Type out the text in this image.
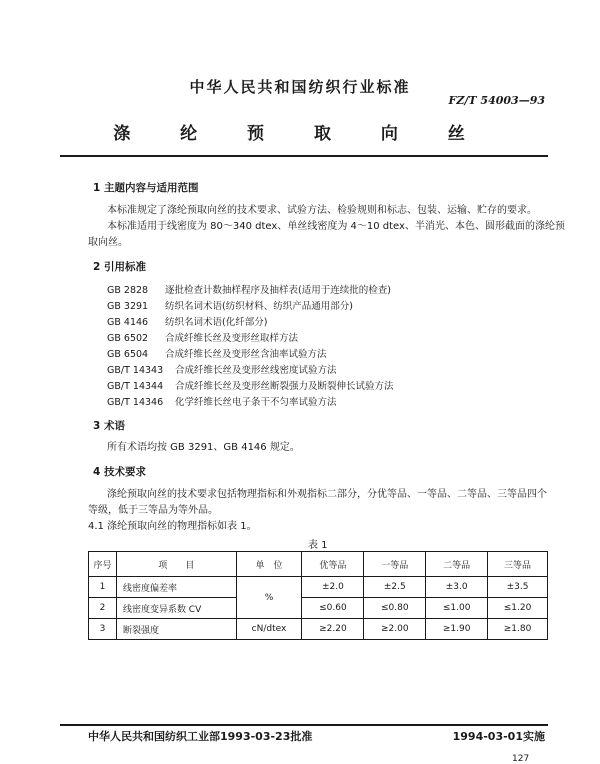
中华人民共和国纺织行业标准
FZ/T 54003—93
涤 纶 预 取 向 丝
1 主题内容与适用范围
本标准规定了涤纶预取向丝的技术要求、试验方法、检验规则和标志、包装、运输、贮存的要求。
本标准适用于线密度为 80～340 dtex、单丝线密度为 4～10 dtex、半消光、本色、圆形截面的涤纶预
取向丝。
2 引用标准
GB 2828 逐批检查计数抽样程序及抽样表(适用于连续批的检查)
GB 3291 纺织名词术语(纺织材料、纺织产品通用部分)
GB 4146 纺织名词术语(化纤部分)
GB 6502 合成纤维长丝及变形丝取样方法
GB 6504 合成纤维长丝及变形丝含油率试验方法
GB/T 14343 合成纤维长丝及变形丝线密度试验方法
GB/T 14344 合成纤维长丝及变形丝断裂强力及断裂伸长试验方法
GB/T 14346 化学纤维长丝电子条干不匀率试验方法
3 术语
所有术语均按 GB 3291、GB 4146 规定。
4 技术要求
涤纶预取向丝的技术要求包括物理指标和外观指标二部分，分优等品、一等品、二等品、三等品四个
等级，低于三等品为等外品。
4.1 涤纶预取向丝的物理指标如表 1。
表 1
序号	项　　目	单　位	优等品	一等品	二等品	三等品
1	线密度偏差率	%	±2.0	±2.5	±3.0	±3.5
2	线密度变异系数 CV		≤0.60	≤0.80	≤1.00	≤1.20
3	断裂强度	cN/dtex	≥2.20	≥2.00	≥1.90	≥1.80
中华人民共和国纺织工业部1993-03-23批准	1994-03-01实施
127
